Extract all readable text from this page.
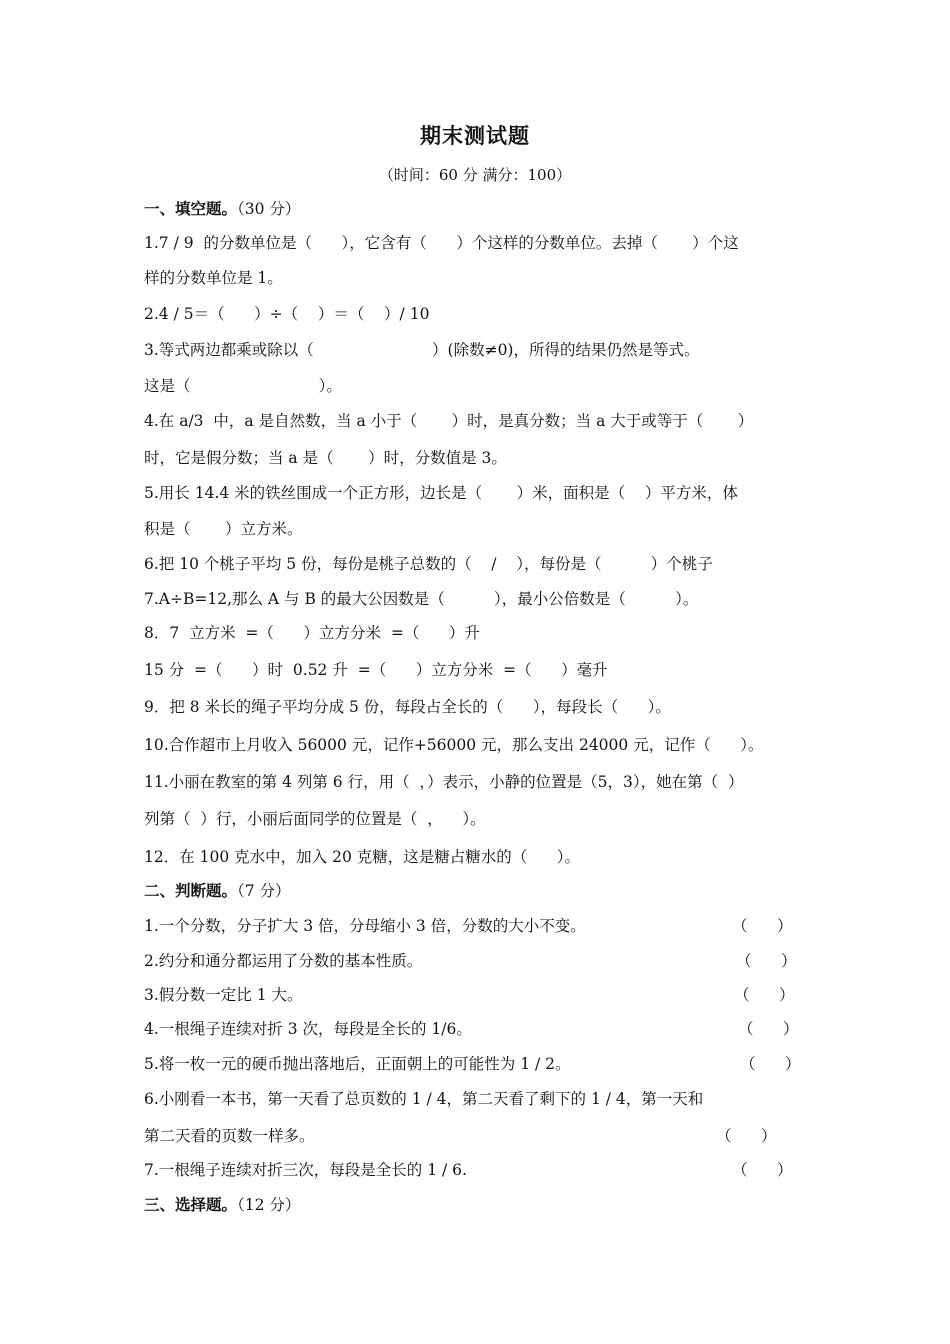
期末测试题
（时间：60 分 满分：100）
一、填空题。（30 分）
1.7 / 9  的分数单位是（      ），它含有（      ）个这样的分数单位。去掉（       ）个这
样的分数单位是 1。
2.4 / 5＝（      ）÷（    ）＝（    ）/ 10
3.等式两边都乘或除以（                        ）(除数≠0)，所得的结果仍然是等式。
这是（                          ）。
4.在 a/3  中，a 是自然数，当 a 小于（       ）时，是真分数；当 a 大于或等于（       ）
时，它是假分数；当 a 是（       ）时，分数值是 3。
5.用长 14.4 米的铁丝围成一个正方形，边长是（       ）米，面积是（    ）平方米，体
积是（       ）立方米。
6.把 10 个桃子平均 5 份，每份是桃子总数的（    /    ），每份是（          ）个桃子
7.A÷B=12,那么 A 与 B 的最大公因数是（          ），最小公倍数是（          ）。
8．7  立方米  =（      ）立方分米  =（      ）升
15 分  =（      ）时  0.52 升  =（      ）立方分米  =（      ）毫升
9．把 8 米长的绳子平均分成 5 份，每段占全长的（      ），每段长（      ）。
10.合作超市上月收入 56000 元，记作+56000 元，那么支出 24000 元，记作（      ）。
11.小丽在教室的第 4 列第 6 行，用（  ，）表示，小静的位置是（5，3），她在第（  ）
列第（  ）行，小丽后面同学的位置是（  ，    ）。
12．在 100 克水中，加入 20 克糖，这是糖占糖水的（      ）。
二、判断题。（7 分）
1.一个分数，分子扩大 3 倍，分母缩小 3 倍，分数的大小不变。	（      ）
2.约分和通分都运用了分数的基本性质。	（      ）
3.假分数一定比 1 大。	（      ）
4.一根绳子连续对折 3 次，每段是全长的 1/6。	（      ）
5.将一枚一元的硬币抛出落地后，正面朝上的可能性为 1 / 2。	（      ）
6.小刚看一本书，第一天看了总页数的 1 / 4，第二天看了剩下的 1 / 4，第一天和
第二天看的页数一样多。	（      ）
7.一根绳子连续对折三次，每段是全长的 1 / 6.	（      ）
三、选择题。（12 分）
